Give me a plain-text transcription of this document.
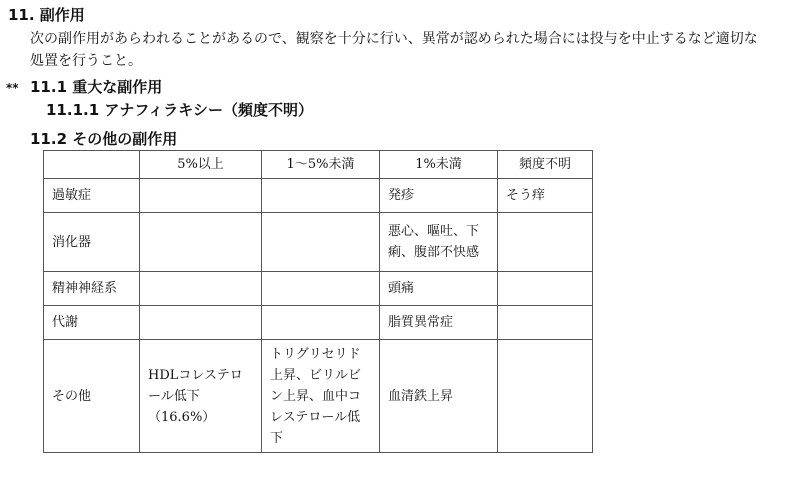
11. 副作用

次の副作用があらわれることがあるので、観察を十分に行い、異常が認められた場合には投与を中止するなど適切な

処置を行うこと。

** 11.1 重大な副作用
11.1.1 アナフィラキシー（頻度不明）
11.2 その他の副作用
	5%以上	1～5%未満	1%未満	頻度不明
過敏症			発疹	そう痒

消化器			悪心、嘔吐、下
痢、腹部不快感	

精神神経系			頭痛	

代謝			脂質異常症	

その他	HDLコレステロ
ール低下
（16.6%）	トリグリセリド
上昇、ビリルビ
ン上昇、血中コ
レステロール低
下	血清鉄上昇	
